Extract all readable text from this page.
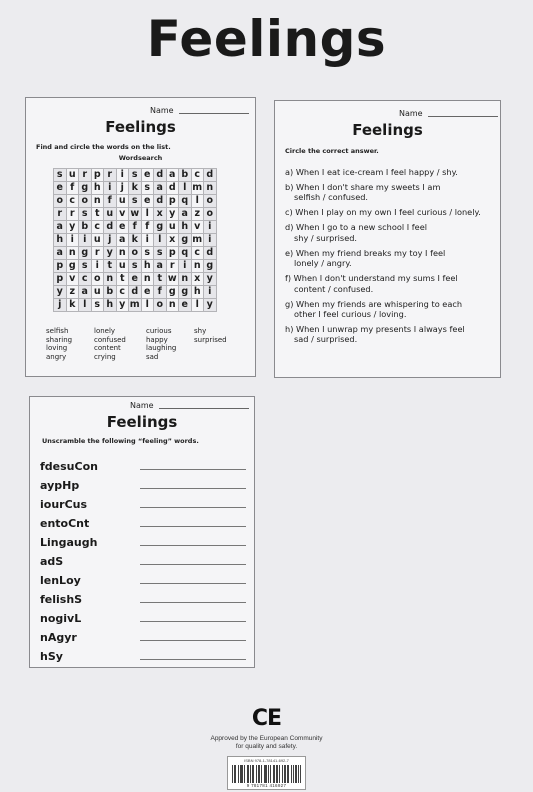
Feelings
Name
Feelings
Find and circle the words on the list.
Wordsearch
s	u	r	p	r	i	s	e	d	a	b	c	d
e	f	g	h	i	j	k	s	a	d	l	m	n
o	c	o	n	f	u	s	e	d	p	q	l	o
r	r	s	t	u	v	w	l	x	y	a	z	o
a	y	b	c	d	e	f	f	g	u	h	v	i
h	i	i	u	j	a	k	i	l	x	g	m	i
a	n	g	r	y	n	o	s	s	p	q	c	d
p	g	s	i	t	u	s	h	a	r	i	n	g
p	v	c	o	n	t	e	n	t	w	n	x	y
y	z	a	u	b	c	d	e	f	g	g	h	i
j	k	l	s	h	y	m	l	o	n	e	l	y
selfish
sharing
loving
angry
lonely
confused
content
crying
curious
happy
laughing
sad
shy
surprised
Name
Feelings
Circle the correct answer.
a) When I eat ice-cream I feel happy / shy.
b) When I don't share my sweets I am
selfish / confused.
c) When I play on my own I feel curious / lonely.
d) When I go to a new school I feel
shy / surprised.
e) When my friend breaks my toy I feel
lonely / angry.
f) When I don't understand my sums I feel
content / confused.
g) When my friends are whispering to each
other I feel curious / loving.
h) When I unwrap my presents I always feel
sad / surprised.
Name
Feelings
Unscramble the following “feeling” words.
fdesuCon
aypHp
iourCus
entoCnt
Lingaugh
adS
lenLoy
felishS
nogivL
nAgyr
hSy
CE
Approved by the European Community
for quality and safety.
ISBN 978-1-78141-692-7
9 781781 416927
